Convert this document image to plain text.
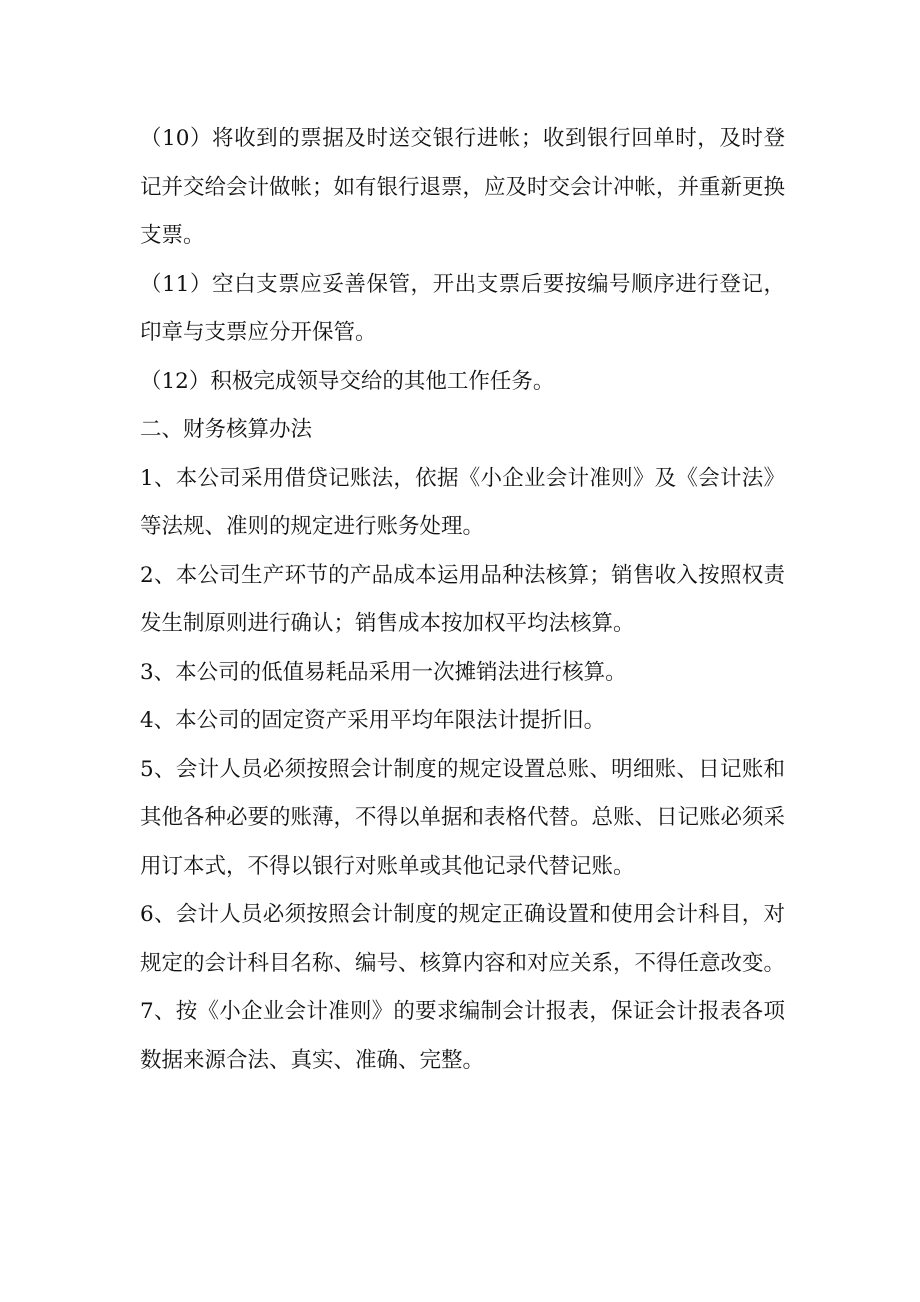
（10）将收到的票据及时送交银行进帐；收到银行回单时，及时登记并交给会计做帐；如有银行退票，应及时交会计冲帐，并重新更换支票。

（11）空白支票应妥善保管，开出支票后要按编号顺序进行登记，印章与支票应分开保管。

（12）积极完成领导交给的其他工作任务。

二、财务核算办法

1、本公司采用借贷记账法，依据《小企业会计准则》及《会计法》等法规、准则的规定进行账务处理。

2、本公司生产环节的产品成本运用品种法核算；销售收入按照权责发生制原则进行确认；销售成本按加权平均法核算。

3、本公司的低值易耗品采用一次摊销法进行核算。

4、本公司的固定资产采用平均年限法计提折旧。

5、会计人员必须按照会计制度的规定设置总账、明细账、日记账和其他各种必要的账薄，不得以单据和表格代替。总账、日记账必须采用订本式，不得以银行对账单或其他记录代替记账。

6、会计人员必须按照会计制度的规定正确设置和使用会计科目，对规定的会计科目名称、编号、核算内容和对应关系，不得任意改变。

7、按《小企业会计准则》的要求编制会计报表，保证会计报表各项数据来源合法、真实、准确、完整。
